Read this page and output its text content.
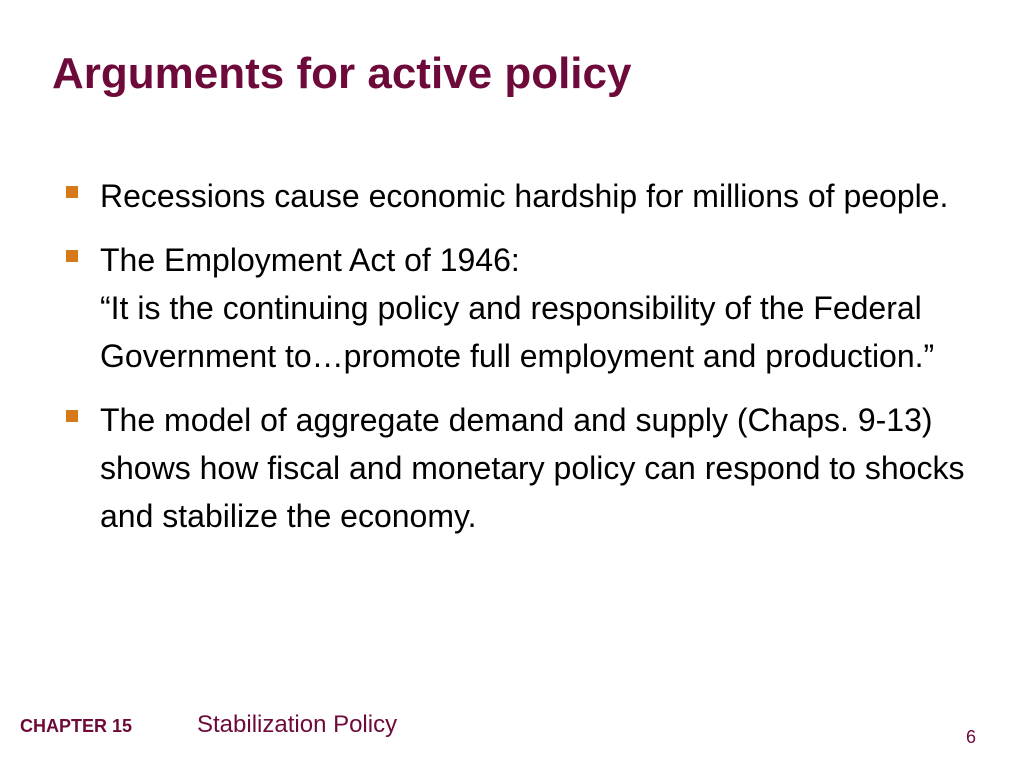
Arguments for active policy
Recessions cause economic hardship for millions of people.
The Employment Act of 1946:
“It is the continuing policy and responsibility of the Federal Government to…promote full employment and production.”
The model of aggregate demand and supply (Chaps. 9-13) shows how fiscal and monetary policy can respond to shocks and stabilize the economy.
CHAPTER 15	Stabilization Policy	6
